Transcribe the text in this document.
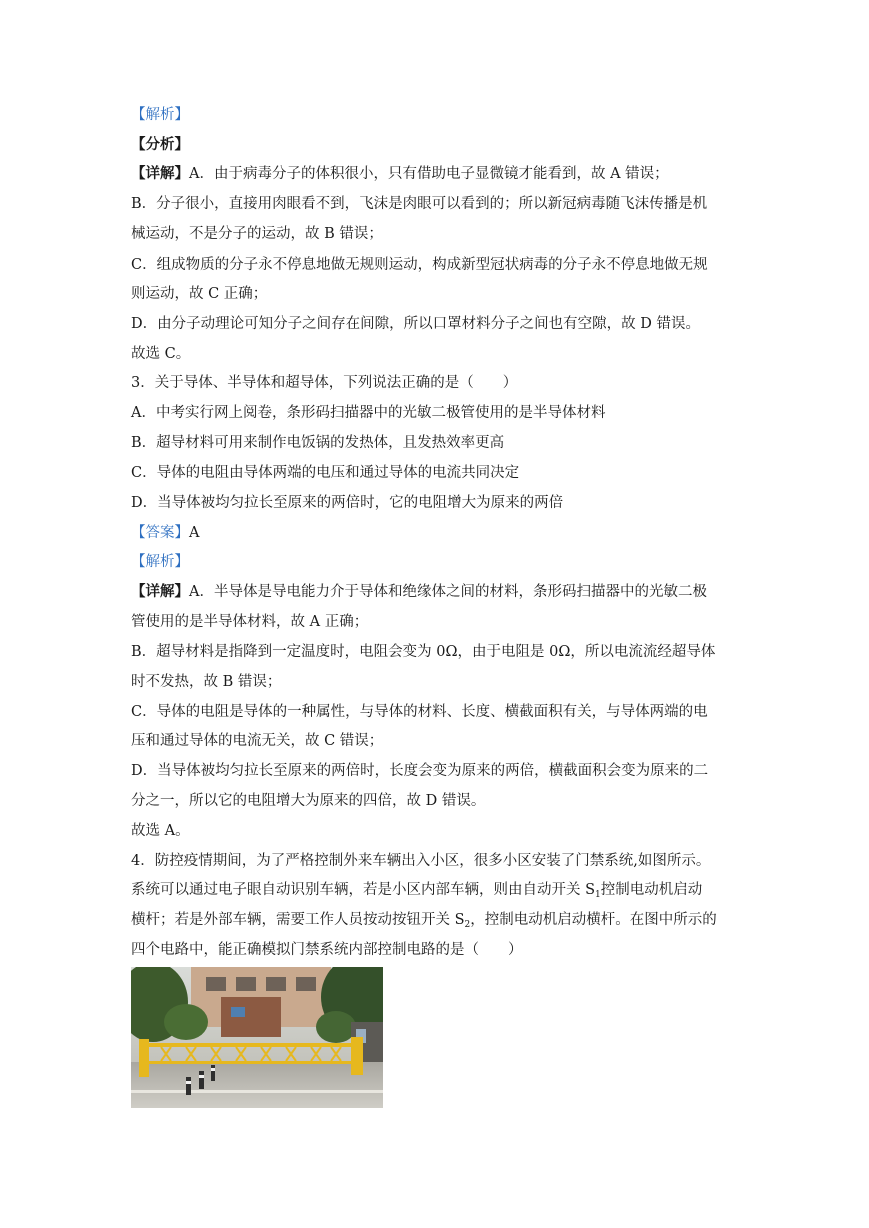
【解析】
【分析】
【详解】A．由于病毒分子的体积很小，只有借助电子显微镜才能看到，故 A 错误；
B．分子很小，直接用肉眼看不到，飞沫是肉眼可以看到的；所以新冠病毒随飞沫传播是机
械运动，不是分子的运动，故 B 错误；
C．组成物质的分子永不停息地做无规则运动，构成新型冠状病毒的分子永不停息地做无规
则运动，故 C 正确；
D．由分子动理论可知分子之间存在间隙，所以口罩材料分子之间也有空隙，故 D 错误。
故选 C。
3．关于导体、半导体和超导体，下列说法正确的是（　　）
A．中考实行网上阅卷，条形码扫描器中的光敏二极管使用的是半导体材料
B．超导材料可用来制作电饭锅的发热体，且发热效率更高
C．导体的电阻由导体两端的电压和通过导体的电流共同决定
D．当导体被均匀拉长至原来的两倍时，它的电阻增大为原来的两倍
【答案】A
【解析】
【详解】A．半导体是导电能力介于导体和绝缘体之间的材料，条形码扫描器中的光敏二极
管使用的是半导体材料，故 A 正确；
B．超导材料是指降到一定温度时，电阻会变为 0Ω，由于电阻是 0Ω，所以电流流经超导体
时不发热，故 B 错误；
C．导体的电阻是导体的一种属性，与导体的材料、长度、横截面积有关，与导体两端的电
压和通过导体的电流无关，故 C 错误；
D．当导体被均匀拉长至原来的两倍时，长度会变为原来的两倍，横截面积会变为原来的二
分之一，所以它的电阻增大为原来的四倍，故 D 错误。
故选 A。
4．防控疫情期间，为了严格控制外来车辆出入小区，很多小区安装了门禁系统,如图所示。
系统可以通过电子眼自动识别车辆，若是小区内部车辆，则由自动开关 $S_1$控制电动机启动
横杆；若是外部车辆，需要工作人员按动按钮开关 $S_2$，控制电动机启动横杆。在图中所示的
四个电路中，能正确模拟门禁系统内部控制电路的是（　　）
